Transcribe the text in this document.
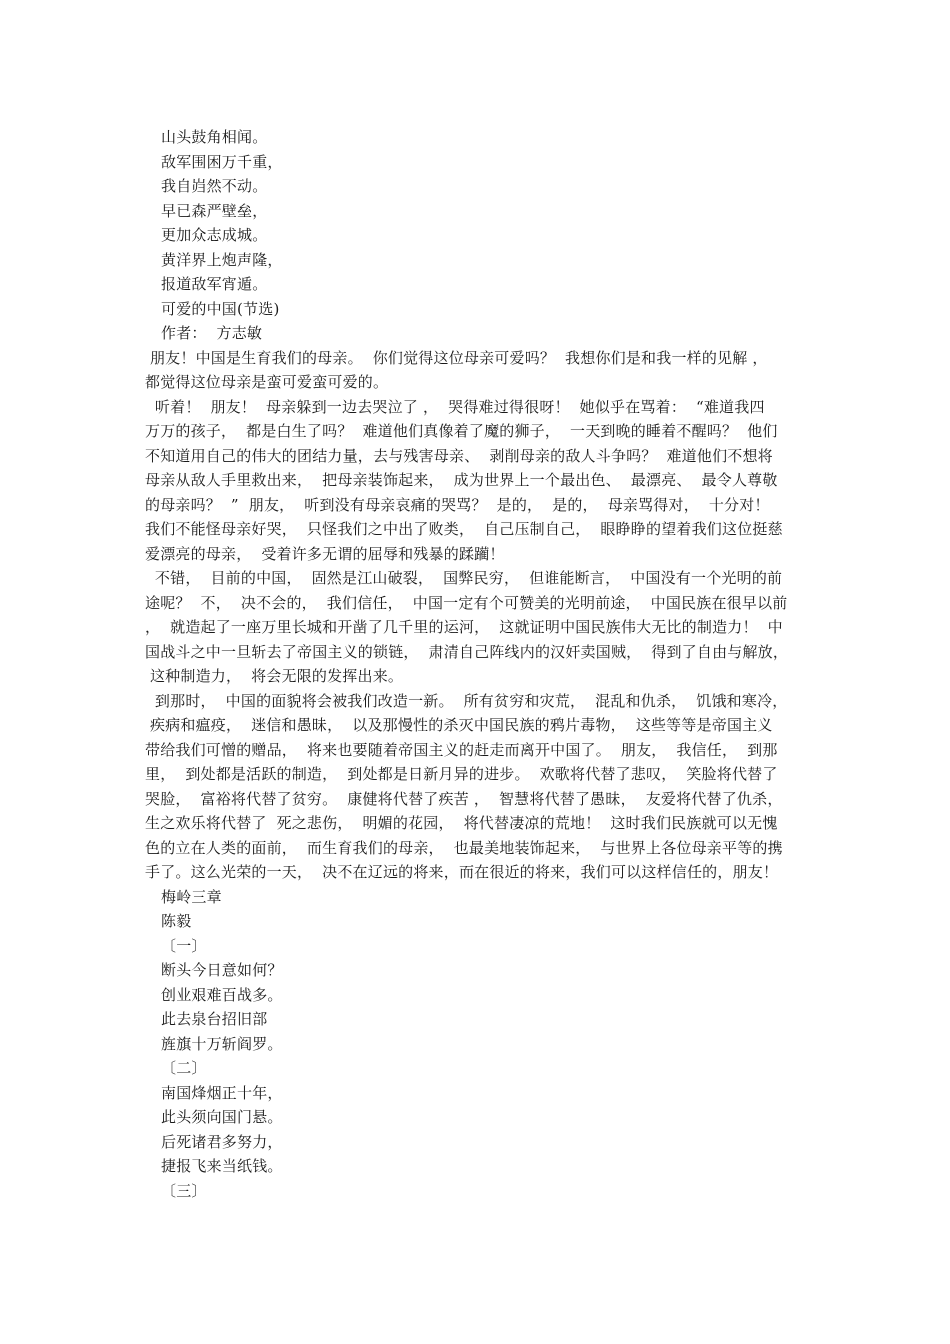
山头鼓角相闻。
敌军围困万千重，
我自岿然不动。
早已森严壁垒，
更加众志成城。
黄洋界上炮声隆，
报道敌军宵遁。
可爱的中国(节选)
作者：  方志敏
朋友！中国是生育我们的母亲。  你们觉得这位母亲可爱吗？  我想你们是和我一样的见解 ，
都觉得这位母亲是蛮可爱蛮可爱的。
听着！  朋友！  母亲躲到一边去哭泣了 ，  哭得难过得很呀！  她似乎在骂着：  “难道我四
万万的孩子，  都是白生了吗？  难道他们真像着了魔的狮子，  一天到晚的睡着不醒吗？  他们
不知道用自己的伟大的团结力量，去与残害母亲、  剥削母亲的敌人斗争吗？  难道他们不想将
母亲从敌人手里救出来，  把母亲装饰起来，  成为世界上一个最出色、  最漂亮、  最令人尊敬
的母亲吗？  ”  朋友，  听到没有母亲哀痛的哭骂？  是的，  是的，  母亲骂得对，  十分对！
我们不能怪母亲好哭，  只怪我们之中出了败类，  自己压制自己，  眼睁睁的望着我们这位挺慈
爱漂亮的母亲，  受着许多无谓的屈辱和残暴的蹂躏！
不错，  目前的中国，  固然是江山破裂，  国弊民穷，  但谁能断言，  中国没有一个光明的前
途呢？  不，  决不会的，  我们信任，  中国一定有个可赞美的光明前途，  中国民族在很早以前
，  就造起了一座万里长城和开凿了几千里的运河，  这就证明中国民族伟大无比的制造力！  中
国战斗之中一旦斩去了帝国主义的锁链，  肃清自己阵线内的汉奸卖国贼，  得到了自由与解放，
这种制造力，  将会无限的发挥出来。
到那时，  中国的面貌将会被我们改造一新。  所有贫穷和灾荒，  混乱和仇杀，  饥饿和寒冷，
疾病和瘟疫，  迷信和愚昧，  以及那慢性的杀灭中国民族的鸦片毒物，  这些等等是帝国主义
带给我们可憎的赠品，  将来也要随着帝国主义的赶走而离开中国了。  朋友，  我信任，  到那
里，  到处都是活跃的制造，  到处都是日新月异的进步。  欢歌将代替了悲叹，  笑脸将代替了
哭脸，  富裕将代替了贫穷。  康健将代替了疾苦 ，  智慧将代替了愚昧，  友爱将代替了仇杀，
生之欢乐将代替了  死之悲伤，  明媚的花园，  将代替凄凉的荒地！  这时我们民族就可以无愧
色的立在人类的面前，  而生育我们的母亲，  也最美地装饰起来，  与世界上各位母亲平等的携
手了。这么光荣的一天，  决不在辽远的将来，而在很近的将来，我们可以这样信任的，朋友！
梅岭三章
陈毅
〔一〕
断头今日意如何？
创业艰难百战多。
此去泉台招旧部
旌旗十万斩阎罗。
〔二〕
南国烽烟正十年，
此头须向国门悬。
后死诸君多努力，
捷报飞来当纸钱。
〔三〕
